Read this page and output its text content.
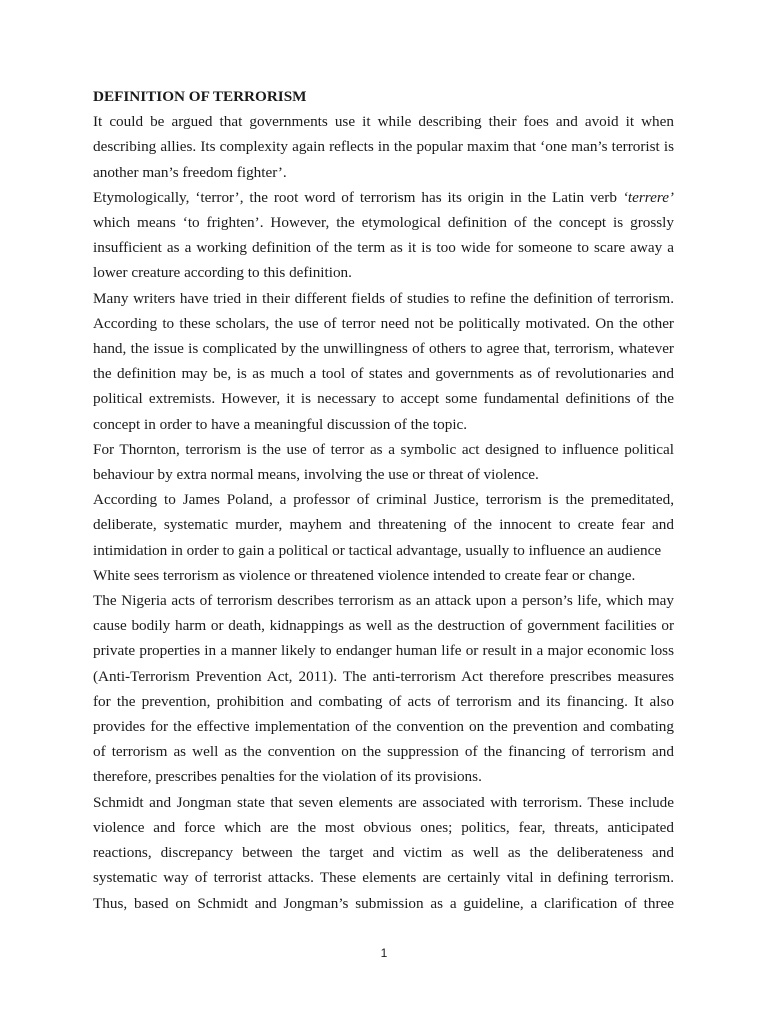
DEFINITION OF TERRORISM

It could be argued that governments use it while describing their foes and avoid it when describing allies. Its complexity again reflects in the popular maxim that ‘one man’s terrorist is another man’s freedom fighter’.

Etymologically, ‘terror’, the root word of terrorism has its origin in the Latin verb ‘terrere’ which means ‘to frighten’. However, the etymological definition of the concept is grossly insufficient as a working definition of the term as it is too wide for someone to scare away a lower creature according to this definition.

Many writers have tried in their different fields of studies to refine the definition of terrorism. According to these scholars, the use of terror need not be politically motivated. On the other hand, the issue is complicated by the unwillingness of others to agree that, terrorism, whatever the definition may be, is as much a tool of states and governments as of revolutionaries and political extremists. However, it is necessary to accept some fundamental definitions of the concept in order to have a meaningful discussion of the topic.

For Thornton, terrorism is the use of terror as a symbolic act designed to influence political behaviour by extra normal means, involving the use or threat of violence.

According to James Poland, a professor of criminal Justice, terrorism is the premeditated, deliberate, systematic murder, mayhem and threatening of the innocent to create fear and intimidation in order to gain a political or tactical advantage, usually to influence an audience

White sees terrorism as violence or threatened violence intended to create fear or change.

The Nigeria acts of terrorism describes terrorism as an attack upon a person’s life, which may cause bodily harm or death, kidnappings as well as the destruction of government facilities or private properties in a manner likely to endanger human life or result in a major economic loss (Anti-Terrorism Prevention Act, 2011). The anti-terrorism Act therefore prescribes measures for the prevention, prohibition and combating of acts of terrorism and its financing. It also provides for the effective implementation of the convention on the prevention and combating of terrorism as well as the convention on the suppression of the financing of terrorism and therefore, prescribes penalties for the violation of its provisions.

Schmidt and Jongman state that seven elements are associated with terrorism. These include violence and force which are the most obvious ones; politics, fear, threats, anticipated reactions, discrepancy between the target and victim as well as the deliberateness and systematic way of terrorist attacks. These elements are certainly vital in defining terrorism. Thus, based on Schmidt and Jongman’s submission as a guideline, a clarification of three

1
